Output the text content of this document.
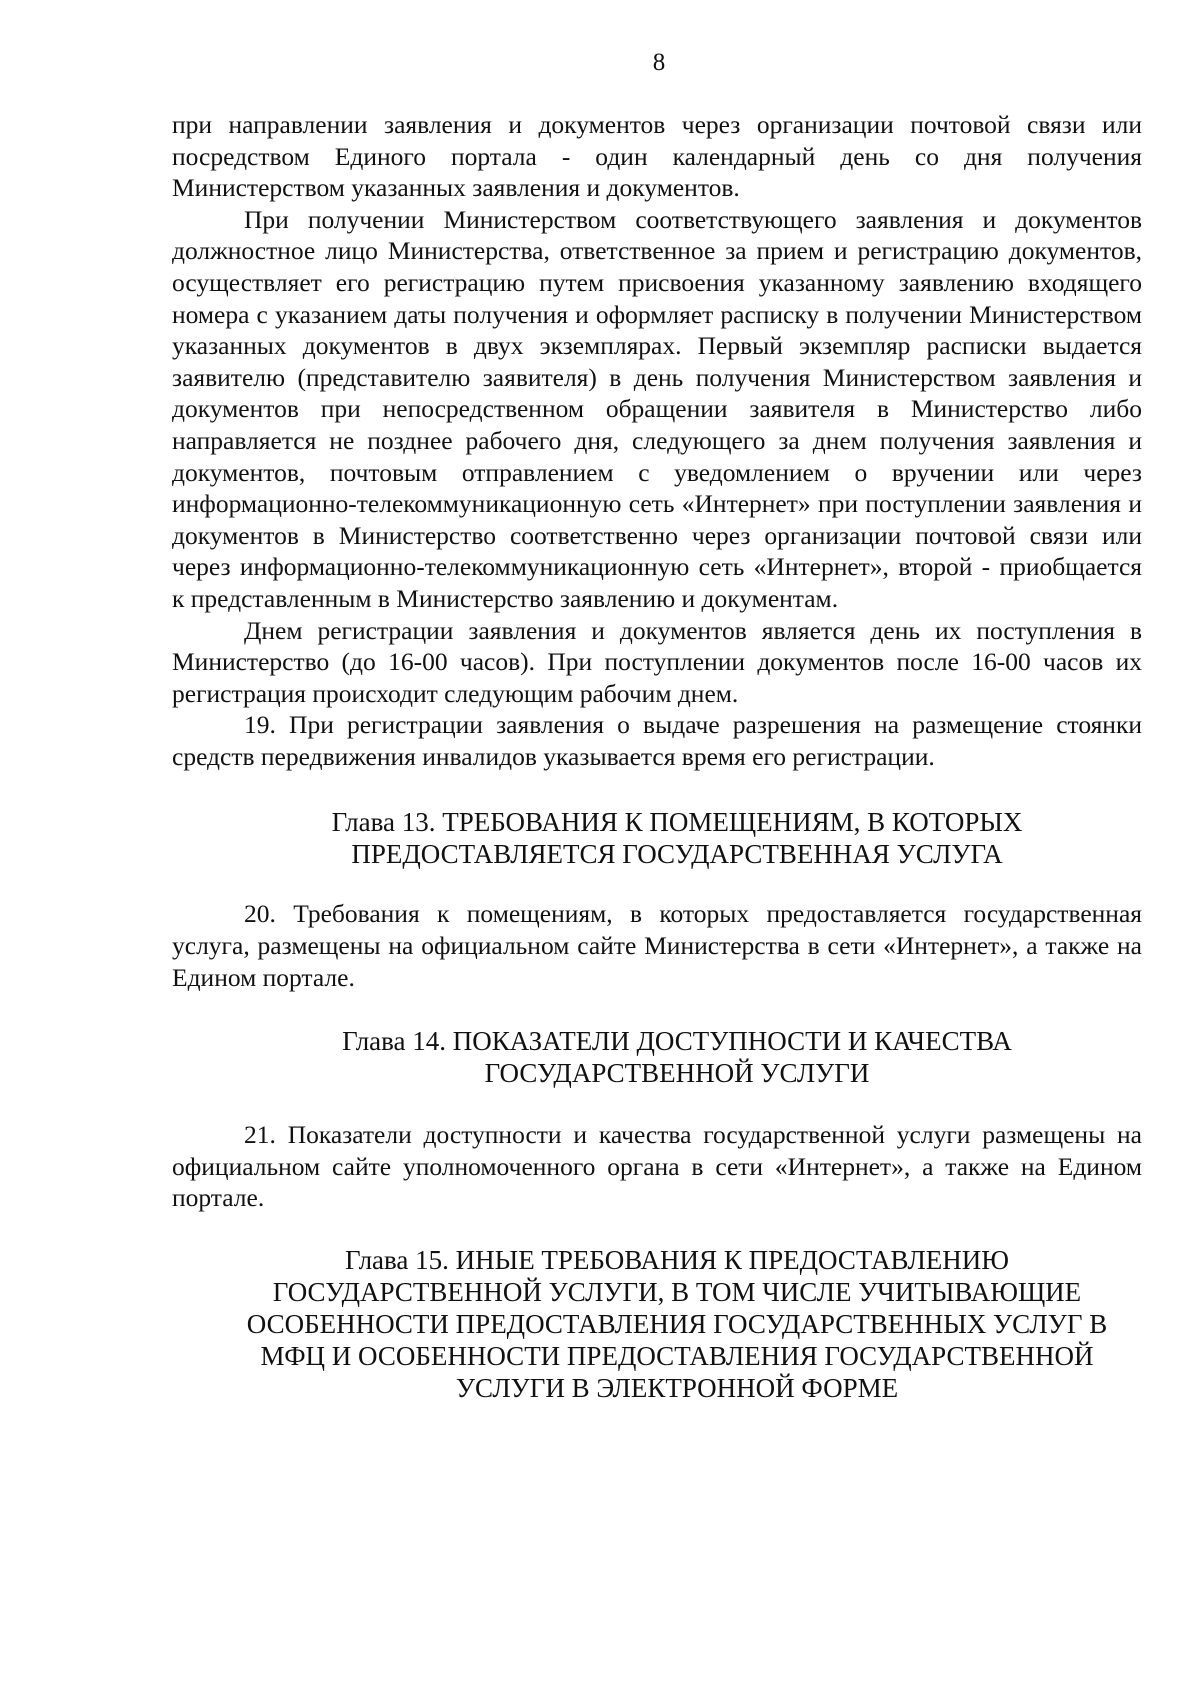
8

при направлении заявления и документов через организации почтовой связи или посредством Единого портала - один календарный день со дня получения Министерством указанных заявления и документов.

При получении Министерством соответствующего заявления и документов должностное лицо Министерства, ответственное за прием и регистрацию документов, осуществляет его регистрацию путем присвоения указанному заявлению входящего номера с указанием даты получения и оформляет расписку в получении Министерством указанных документов в двух экземплярах. Первый экземпляр расписки выдается заявителю (представителю заявителя) в день получения Министерством заявления и документов при непосредственном обращении заявителя в Министерство либо направляется не позднее рабочего дня, следующего за днем получения заявления и документов, почтовым отправлением с уведомлением о вручении или через информационно-телекоммуникационную сеть «Интернет» при поступлении заявления и документов в Министерство соответственно через организации почтовой связи или через информационно-телекоммуникационную сеть «Интернет», второй - приобщается к представленным в Министерство заявлению и документам.

Днем регистрации заявления и документов является день их поступления в Министерство (до 16-00 часов). При поступлении документов после 16-00 часов их регистрация происходит следующим рабочим днем.

19. При регистрации заявления о выдаче разрешения на размещение стоянки средств передвижения инвалидов указывается время его регистрации.

Глава 13. ТРЕБОВАНИЯ К ПОМЕЩЕНИЯМ, В КОТОРЫХ
ПРЕДОСТАВЛЯЕТСЯ ГОСУДАРСТВЕННАЯ УСЛУГА

20. Требования к помещениям, в которых предоставляется государственная услуга, размещены на официальном сайте Министерства в сети «Интернет», а также на Едином портале.

Глава 14. ПОКАЗАТЕЛИ ДОСТУПНОСТИ И КАЧЕСТВА
ГОСУДАРСТВЕННОЙ УСЛУГИ

21. Показатели доступности и качества государственной услуги размещены на официальном сайте уполномоченного органа в сети «Интернет», а также на Едином портале.

Глава 15. ИНЫЕ ТРЕБОВАНИЯ К ПРЕДОСТАВЛЕНИЮ
ГОСУДАРСТВЕННОЙ УСЛУГИ, В ТОМ ЧИСЛЕ УЧИТЫВАЮЩИЕ
ОСОБЕННОСТИ ПРЕДОСТАВЛЕНИЯ ГОСУДАРСТВЕННЫХ УСЛУГ В
МФЦ И ОСОБЕННОСТИ ПРЕДОСТАВЛЕНИЯ ГОСУДАРСТВЕННОЙ
УСЛУГИ В ЭЛЕКТРОННОЙ ФОРМЕ
